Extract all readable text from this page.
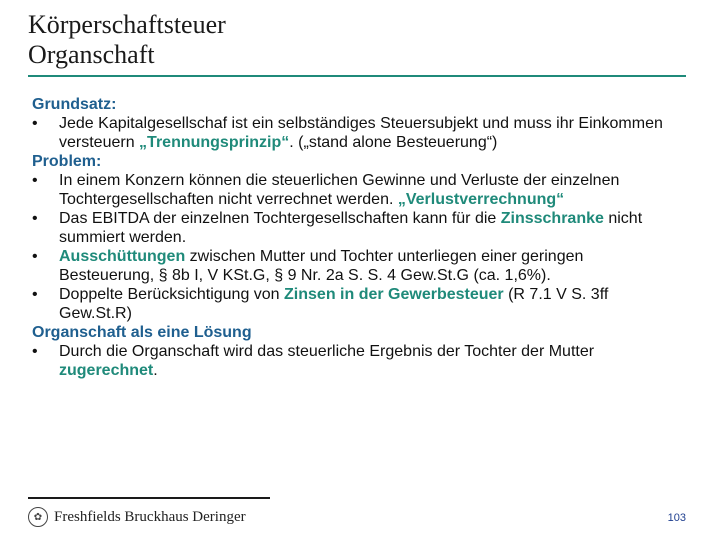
Körperschaftsteuer
Organschaft

Grundsatz:

•	Jede Kapitalgesellschaf ist ein selbständiges Steuersubjekt und muss ihr Einkommen versteuern „Trennungsprinzip“. („stand alone Besteuerung“)

Problem:

•	In einem Konzern können die steuerlichen Gewinne und Verluste der einzelnen Tochtergesellschaften nicht verrechnet werden. „Verlustverrechnung“
•	Das EBITDA der einzelnen Tochtergesellschaften kann für die Zinsschranke nicht summiert werden.
•	Ausschüttungen zwischen Mutter und Tochter unterliegen einer geringen Besteuerung, § 8b I, V KSt.G, § 9 Nr. 2a S. S. 4 Gew.St.G (ca. 1,6%).
•	Doppelte Berücksichtigung von Zinsen in der Gewerbesteuer (R 7.1 V S. 3ff Gew.St.R)

Organschaft als eine Lösung

•	Durch die Organschaft wird das steuerliche Ergebnis der Tochter der Mutter zugerechnet.
✿ Freshfields Bruckhaus Deringer	103
